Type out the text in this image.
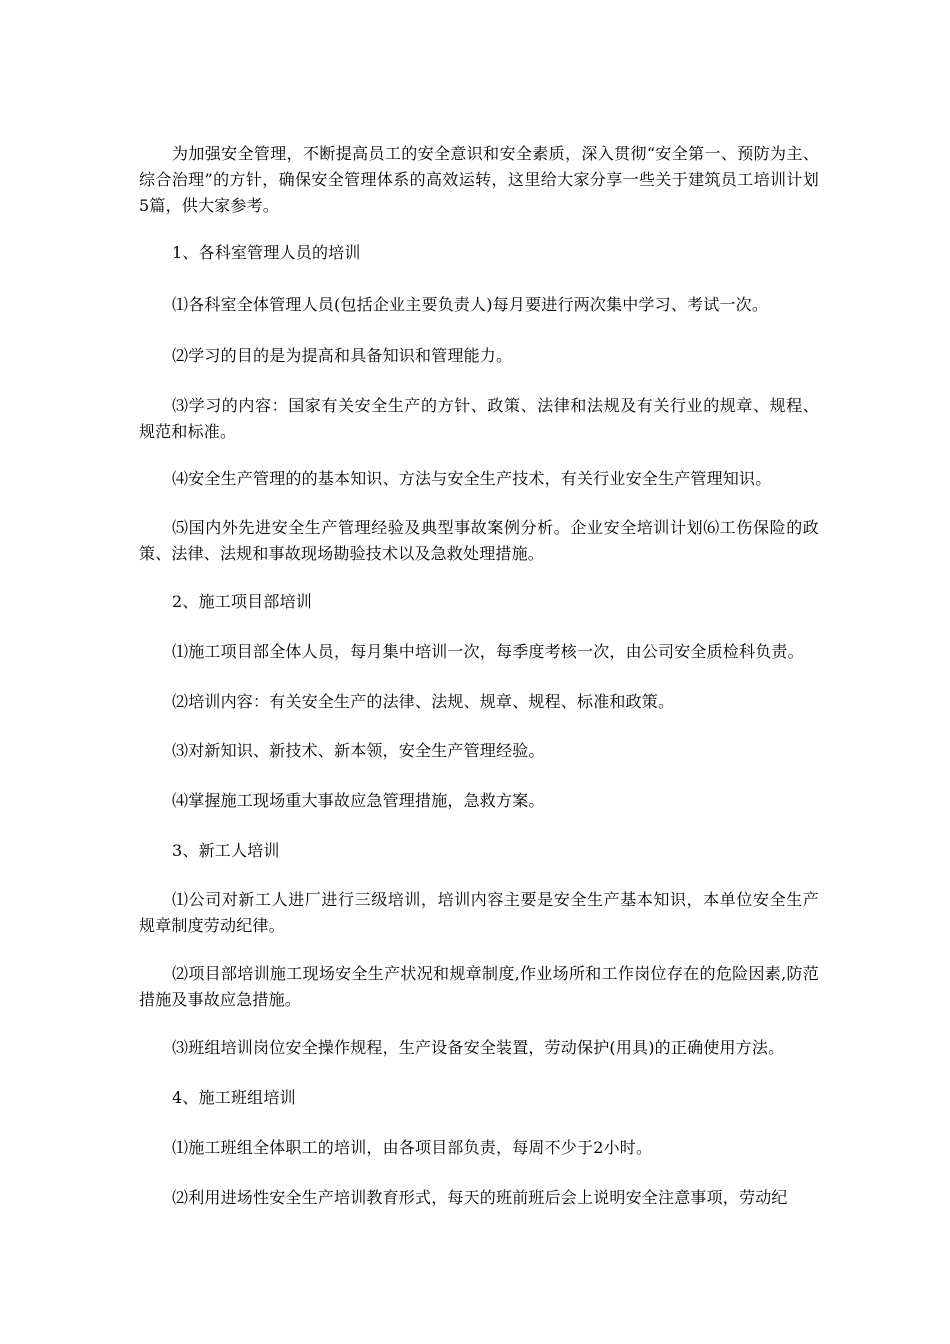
为加强安全管理，不断提高员工的安全意识和安全素质，深入贯彻“安全第一、预防为主、综合治理”的方针，确保安全管理体系的高效运转，这里给大家分享一些关于建筑员工培训计划5篇，供大家参考。

1、各科室管理人员的培训

⑴各科室全体管理人员(包括企业主要负责人)每月要进行两次集中学习、考试一次。

⑵学习的目的是为提高和具备知识和管理能力。

⑶学习的内容：国家有关安全生产的方针、政策、法律和法规及有关行业的规章、规程、规范和标准。

⑷安全生产管理的的基本知识、方法与安全生产技术，有关行业安全生产管理知识。

⑸国内外先进安全生产管理经验及典型事故案例分析。企业安全培训计划⑹工伤保险的政策、法律、法规和事故现场勘验技术以及急救处理措施。

2、施工项目部培训

⑴施工项目部全体人员，每月集中培训一次，每季度考核一次，由公司安全质检科负责。

⑵培训内容：有关安全生产的法律、法规、规章、规程、标准和政策。

⑶对新知识、新技术、新本领，安全生产管理经验。

⑷掌握施工现场重大事故应急管理措施，急救方案。

3、新工人培训

⑴公司对新工人进厂进行三级培训，培训内容主要是安全生产基本知识，本单位安全生产规章制度劳动纪律。

⑵项目部培训施工现场安全生产状况和规章制度,作业场所和工作岗位存在的危险因素,防范措施及事故应急措施。

⑶班组培训岗位安全操作规程，生产设备安全装置，劳动保护(用具)的正确使用方法。

4、施工班组培训

⑴施工班组全体职工的培训，由各项目部负责，每周不少于2小时。

⑵利用进场性安全生产培训教育形式，每天的班前班后会上说明安全注意事项，劳动纪
